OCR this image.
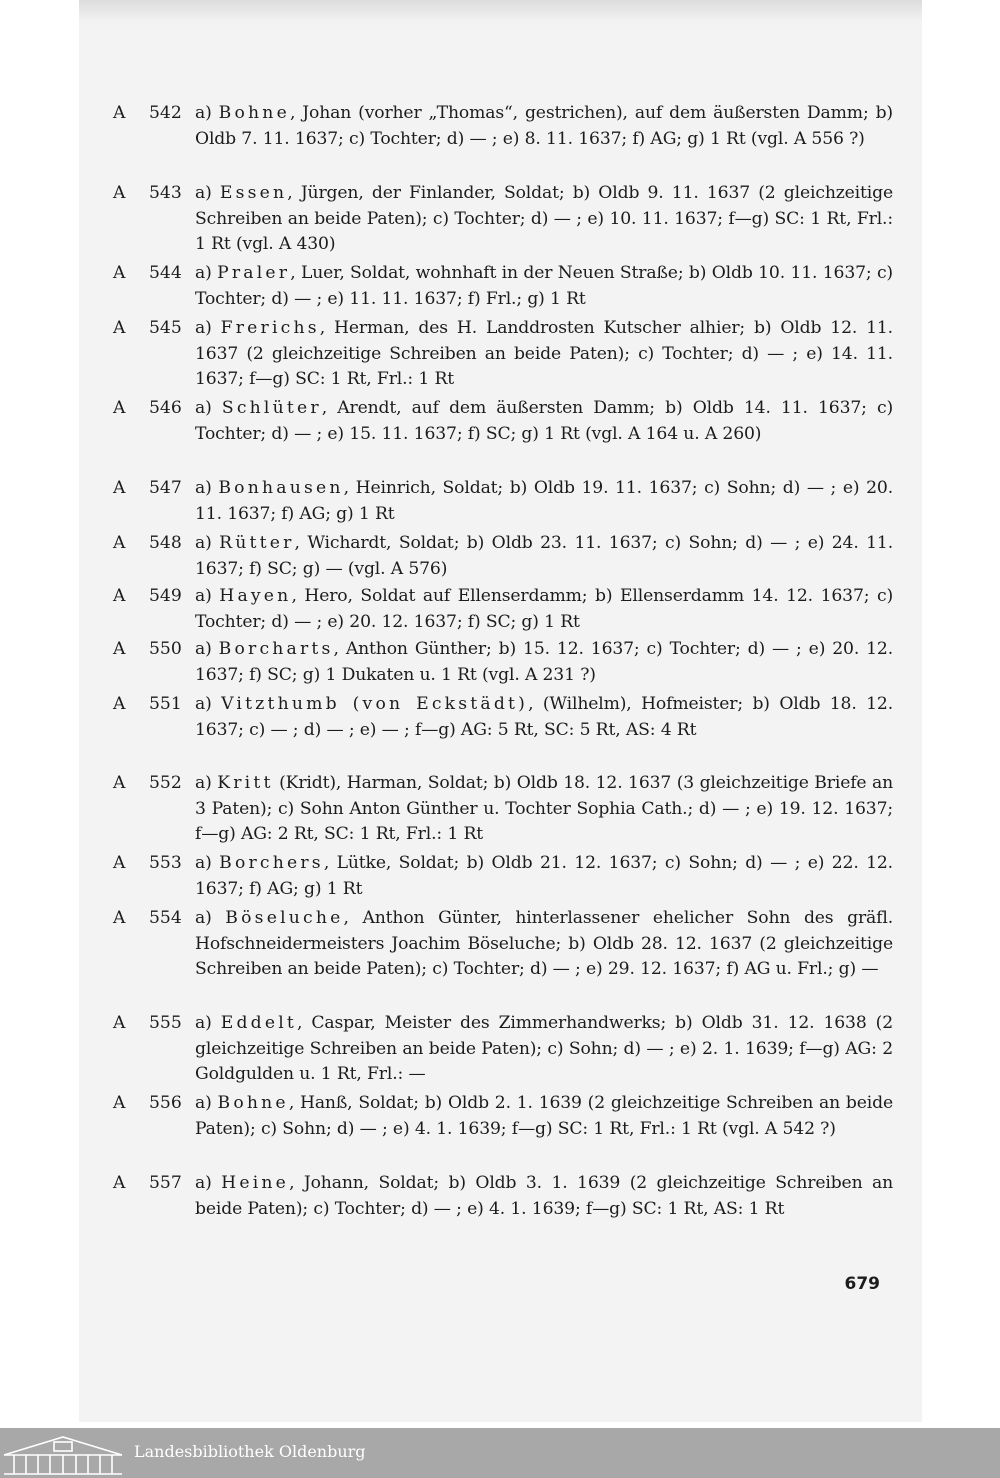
A 542 a) Bohne, Johan (vorher „Thomas“, gestrichen), auf dem äußersten Damm; b) Oldb 7. 11. 1637; c) Tochter; d) — ; e) 8. 11. 1637; f) AG; g) 1 Rt (vgl. A 556 ?)
A 543 a) Essen, Jürgen, der Finlander, Soldat; b) Oldb 9. 11. 1637 (2 gleichzeitige Schreiben an beide Paten); c) Tochter; d) — ; e) 10. 11. 1637; f—g) SC: 1 Rt, Frl.: 1 Rt (vgl. A 430)
A 544 a) Praler, Luer, Soldat, wohnhaft in der Neuen Straße; b) Oldb 10. 11. 1637; c) Tochter; d) — ; e) 11. 11. 1637; f) Frl.; g) 1 Rt
A 545 a) Frerichs, Herman, des H. Landdrosten Kutscher alhier; b) Oldb 12. 11. 1637 (2 gleichzeitige Schreiben an beide Paten); c) Tochter; d) — ; e) 14. 11. 1637; f—g) SC: 1 Rt, Frl.: 1 Rt
A 546 a) Schlüter, Arendt, auf dem äußersten Damm; b) Oldb 14. 11. 1637; c) Tochter; d) — ; e) 15. 11. 1637; f) SC; g) 1 Rt (vgl. A 164 u. A 260)
A 547 a) Bonhausen, Heinrich, Soldat; b) Oldb 19. 11. 1637; c) Sohn; d) — ; e) 20. 11. 1637; f) AG; g) 1 Rt
A 548 a) Rütter, Wichardt, Soldat; b) Oldb 23. 11. 1637; c) Sohn; d) — ; e) 24. 11. 1637; f) SC; g) — (vgl. A 576)
A 549 a) Hayen, Hero, Soldat auf Ellenserdamm; b) Ellenserdamm 14. 12. 1637; c) Tochter; d) — ; e) 20. 12. 1637; f) SC; g) 1 Rt
A 550 a) Borcharts, Anthon Günther; b) 15. 12. 1637; c) Tochter; d) — ; e) 20. 12. 1637; f) SC; g) 1 Dukaten u. 1 Rt (vgl. A 231 ?)
A 551 a) Vitzthumb (von Eckstädt), (Wilhelm), Hofmeister; b) Oldb 18. 12. 1637; c) — ; d) — ; e) — ; f—g) AG: 5 Rt, SC: 5 Rt, AS: 4 Rt
A 552 a) Kritt (Kridt), Harman, Soldat; b) Oldb 18. 12. 1637 (3 gleichzeitige Briefe an 3 Paten); c) Sohn Anton Günther u. Tochter Sophia Cath.; d) — ; e) 19. 12. 1637; f—g) AG: 2 Rt, SC: 1 Rt, Frl.: 1 Rt
A 553 a) Borchers, Lütke, Soldat; b) Oldb 21. 12. 1637; c) Sohn; d) — ; e) 22. 12. 1637; f) AG; g) 1 Rt
A 554 a) Böseluche, Anthon Günter, hinterlassener ehelicher Sohn des gräfl. Hofschneidermeisters Joachim Böseluche; b) Oldb 28. 12. 1637 (2 gleichzeitige Schreiben an beide Paten); c) Tochter; d) — ; e) 29. 12. 1637; f) AG u. Frl.; g) —
A 555 a) Eddelt, Caspar, Meister des Zimmerhandwerks; b) Oldb 31. 12. 1638 (2 gleichzeitige Schreiben an beide Paten); c) Sohn; d) — ; e) 2. 1. 1639; f—g) AG: 2 Goldgulden u. 1 Rt, Frl.: —
A 556 a) Bohne, Hanß, Soldat; b) Oldb 2. 1. 1639 (2 gleichzeitige Schreiben an beide Paten); c) Sohn; d) — ; e) 4. 1. 1639; f—g) SC: 1 Rt, Frl.: 1 Rt (vgl. A 542 ?)
A 557 a) Heine, Johann, Soldat; b) Oldb 3. 1. 1639 (2 gleichzeitige Schreiben an beide Paten); c) Tochter; d) — ; e) 4. 1. 1639; f—g) SC: 1 Rt, AS: 1 Rt
679
Landesbibliothek Oldenburg
